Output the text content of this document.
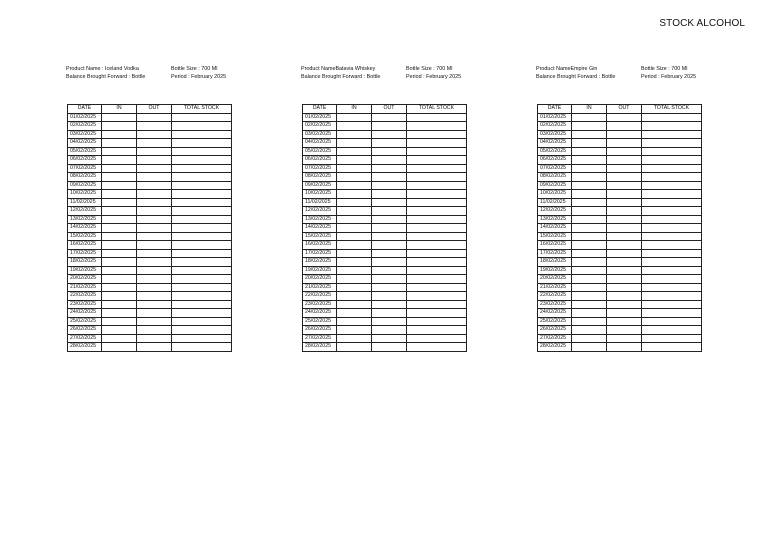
STOCK ALCOHOL
Product Name : Iceland Vodka	Bottle Size : 700 Ml
Balance Brought Forward : Bottle	Period : February 2025
DATE	IN	OUT	TOTAL STOCK
01/02/2025			
02/02/2025			
03/02/2025			
04/02/2025			
05/02/2025			
06/02/2025			
07/02/2025			
08/02/2025			
09/02/2025			
10/02/2025			
11/02/2025			
12/02/2025			
13/02/2025			
14/02/2025			
15/02/2025			
16/02/2025			
17/02/2025			
18/02/2025			
19/02/2025			
20/02/2025			
21/02/2025			
22/02/2025			
23/02/2025			
24/02/2025			
25/02/2025			
26/02/2025			
27/02/2025			
28/02/2025			
Product NameBatavia Whiskey	Bottle Size : 700 Ml
Balance Brought Forward : Bottle	Period : February 2025
DATE	IN	OUT	TOTAL STOCK
01/02/2025			
02/02/2025			
03/02/2025			
04/02/2025			
05/02/2025			
06/02/2025			
07/02/2025			
08/02/2025			
09/02/2025			
10/02/2025			
11/02/2025			
12/02/2025			
13/02/2025			
14/02/2025			
15/02/2025			
16/02/2025			
17/02/2025			
18/02/2025			
19/02/2025			
20/02/2025			
21/02/2025			
22/02/2025			
23/02/2025			
24/02/2025			
25/02/2025			
26/02/2025			
27/02/2025			
28/02/2025			
Product NameEmpire Gin	Bottle Size : 700 Ml
Balance Brought Forward : Bottle	Period : February 2025
DATE	IN	OUT	TOTAL STOCK
01/02/2025			
02/02/2025			
03/02/2025			
04/02/2025			
05/02/2025			
06/02/2025			
07/02/2025			
08/02/2025			
09/02/2025			
10/02/2025			
11/02/2025			
12/02/2025			
13/02/2025			
14/02/2025			
15/02/2025			
16/02/2025			
17/02/2025			
18/02/2025			
19/02/2025			
20/02/2025			
21/02/2025			
22/02/2025			
23/02/2025			
24/02/2025			
25/02/2025			
26/02/2025			
27/02/2025			
28/02/2025			
